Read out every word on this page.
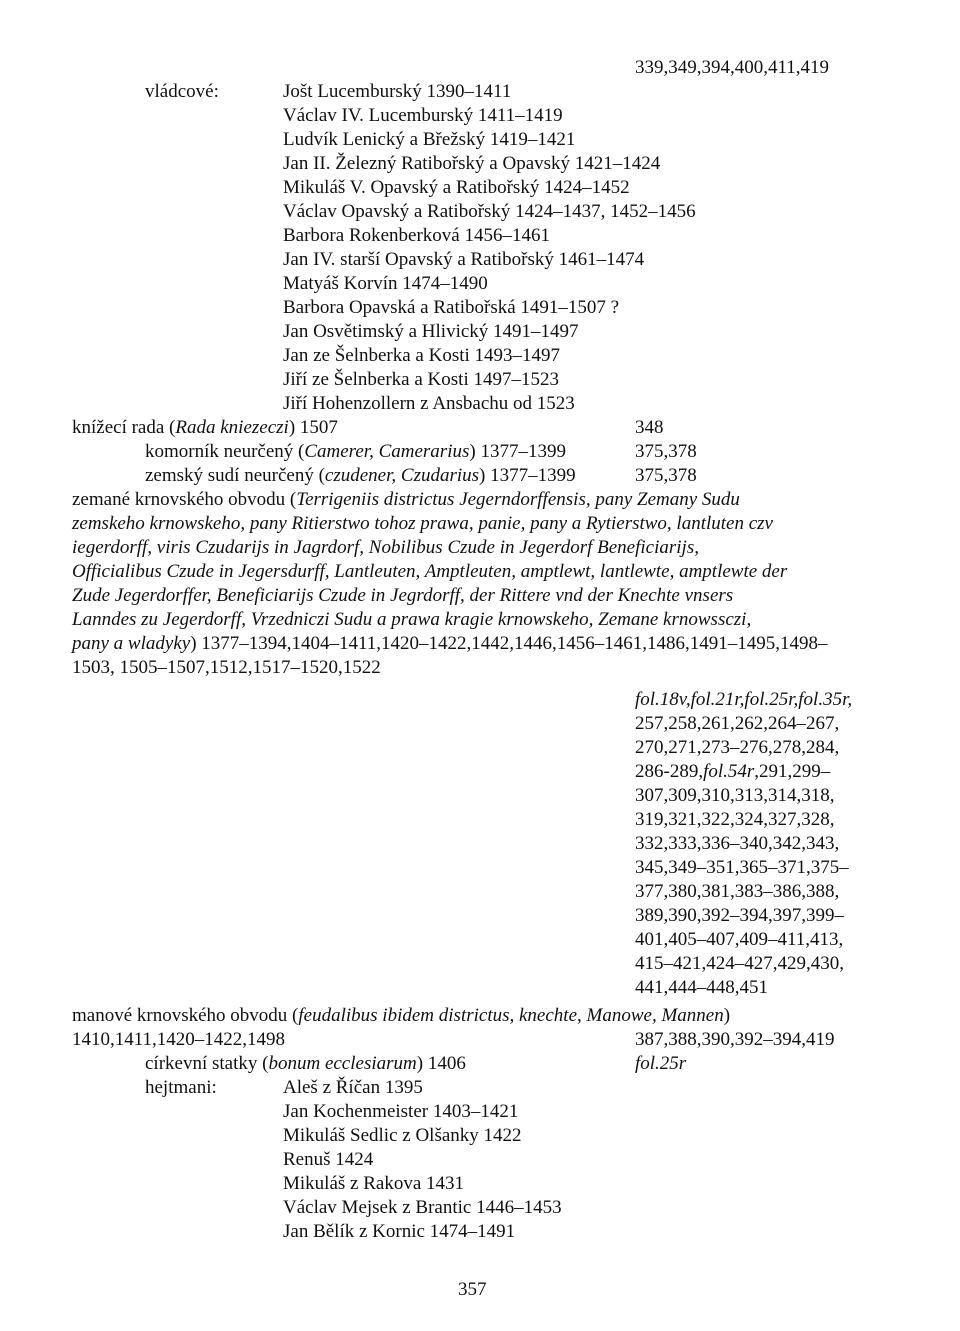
339,349,394,400,411,419
vládcové:	Jošt Lucemburský 1390–1411
Václav IV. Lucemburský 1411–1419
Ludvík Lenický a Břežský 1419–1421
Jan II. Železný Ratibořský a Opavský 1421–1424
Mikuláš V. Opavský a Ratibořský 1424–1452
Václav Opavský a Ratibořský 1424–1437, 1452–1456
Barbora Rokenberková 1456–1461
Jan IV. starší Opavský a Ratibořský 1461–1474
Matyáš Korvín 1474–1490
Barbora Opavská a Ratibořská 1491–1507 ?
Jan Osvětimský a Hlivický 1491–1497
Jan ze Šelnberka a Kosti 1493–1497
Jiří ze Šelnberka a Kosti 1497–1523
Jiří Hohenzollern z Ansbachu od 1523
knížecí rada (Rada kniezeczi) 1507	348
komorník neurčený (Camerer, Camerarius) 1377–1399	375,378
zemský sudí neurčený (czudener, Czudarius) 1377–1399	375,378
zemané krnovského obvodu (Terrigeniis districtus Jegerndorffensis, pany Zemany Sudu
zemskeho krnowskeho, pany Ritierstwo tohoz prawa, panie, pany a Rytierstwo, lantluten czv
iegerdorff, viris Czudarijs in Jagrdorf, Nobilibus Czude in Jegerdorf Beneficiarijs,
Officialibus Czude in Jegersdurff, Lantleuten, Amptleuten, amptlewt, lantlewte, amptlewte der
Zude Jegerdorffer, Beneficiarijs Czude in Jegrdorff, der Rittere vnd der Knechte vnsers
Lanndes zu Jegerdorff, Vrzedniczi Sudu a prawa kragie krnowskeho, Zemane krnowssczi,
pany a wladyky) 1377–1394,1404–1411,1420–1422,1442,1446,1456–1461,1486,1491–1495,1498–
1503, 1505–1507,1512,1517–1520,1522
fol.18v,fol.21r,fol.25r,fol.35r,
257,258,261,262,264–267,
270,271,273–276,278,284,
286-289,fol.54r,291,299–
307,309,310,313,314,318,
319,321,322,324,327,328,
332,333,336–340,342,343,
345,349–351,365–371,375–
377,380,381,383–386,388,
389,390,392–394,397,399–
401,405–407,409–411,413,
415–421,424–427,429,430,
441,444–448,451
manové krnovského obvodu (feudalibus ibidem districtus, knechte, Manowe, Mannen)
1410,1411,1420–1422,1498	387,388,390,392–394,419
církevní statky (bonum ecclesiarum) 1406	fol.25r
hejtmani:	Aleš z Říčan 1395
Jan Kochenmeister 1403–1421
Mikuláš Sedlic z Olšanky 1422
Renuš 1424
Mikuláš z Rakova 1431
Václav Mejsek z Brantic 1446–1453
Jan Bělík z Kornic 1474–1491
357
